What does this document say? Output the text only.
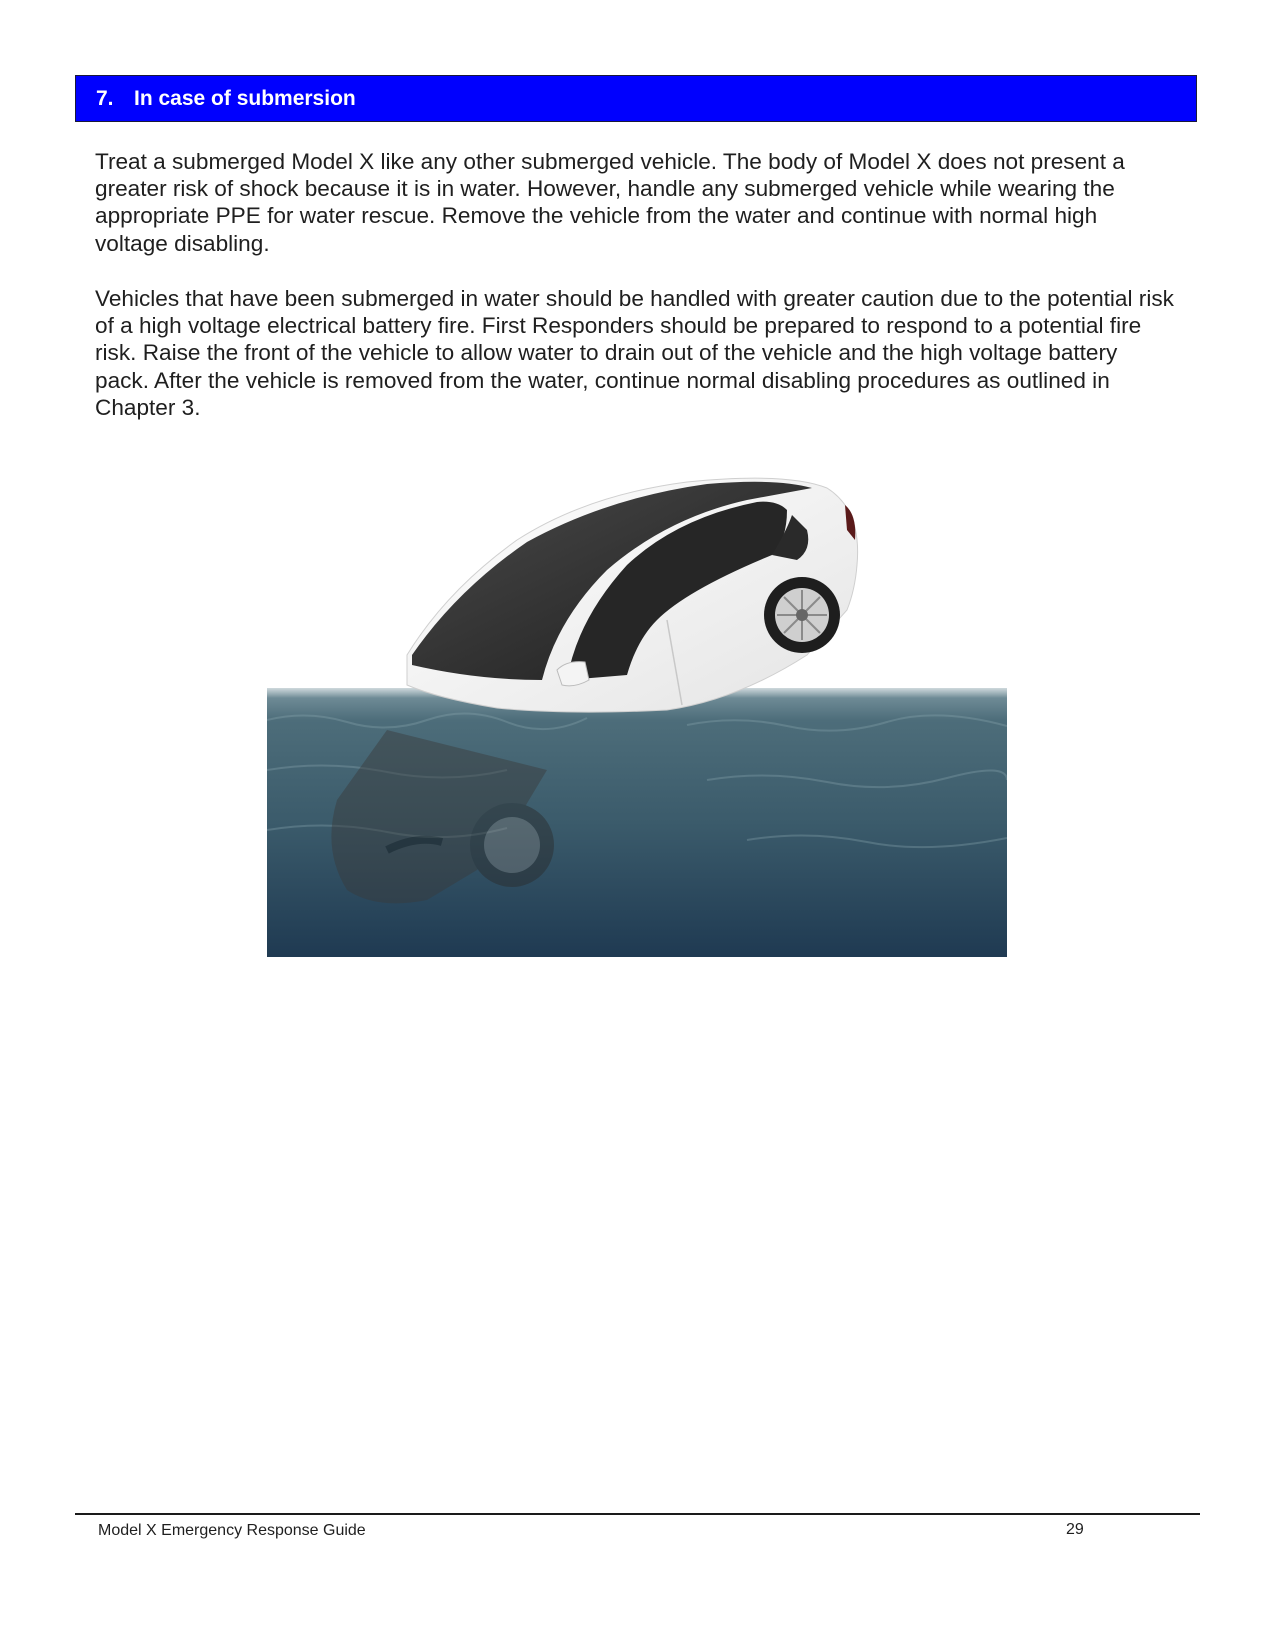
7. In case of submersion

Treat a submerged Model X like any other submerged vehicle. The body of Model X does not present a greater risk of shock because it is in water. However, handle any submerged vehicle while wearing the appropriate PPE for water rescue. Remove the vehicle from the water and continue with normal high voltage disabling.

Vehicles that have been submerged in water should be handled with greater caution due to the potential risk of a high voltage electrical battery fire. First Responders should be prepared to respond to a potential fire risk. Raise the front of the vehicle to allow water to drain out of the vehicle and the high voltage battery pack. After the vehicle is removed from the water, continue normal disabling procedures as outlined in Chapter 3.

Model X Emergency Response Guide	29
